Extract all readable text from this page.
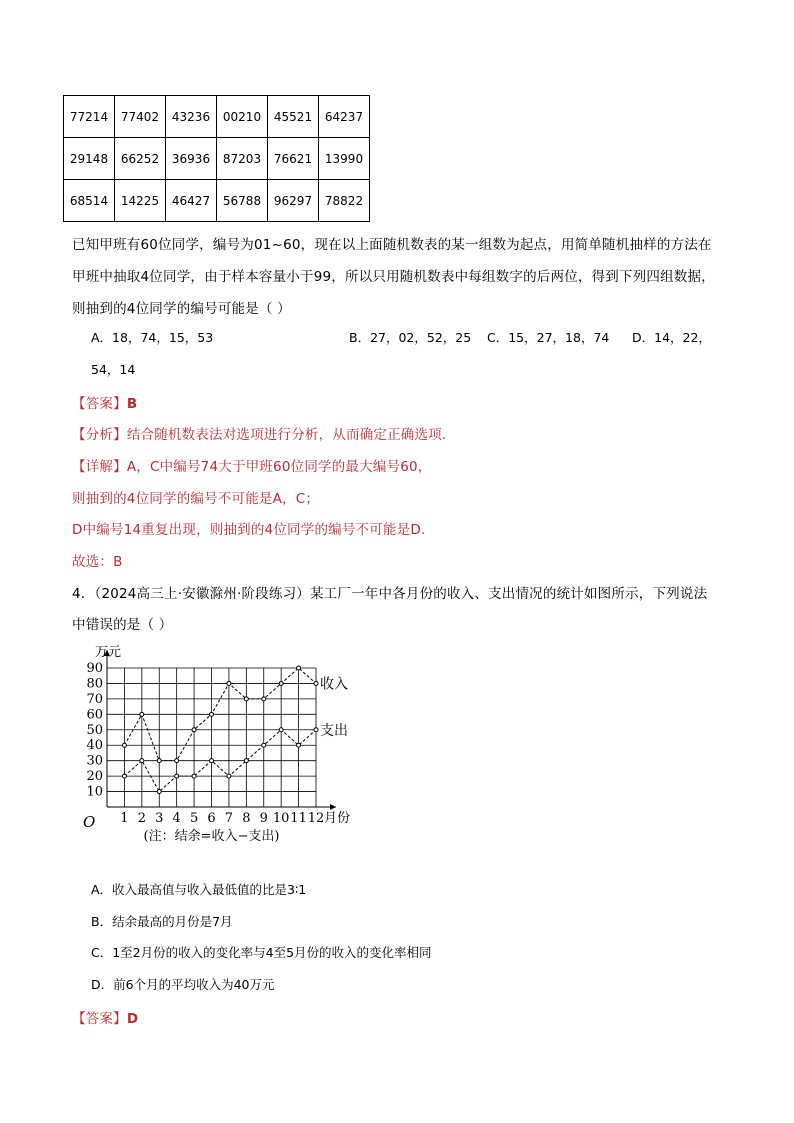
77214	77402	43236	00210	45521	64237
29148	66252	36936	87203	76621	13990
68514	14225	46427	56788	96297	78822
已知甲班有60位同学，编号为01~60，现在以上面随机数表的某一组数为起点，用简单随机抽样的方法在
甲班中抽取4位同学，由于样本容量小于99，所以只用随机数表中每组数字的后两位，得到下列四组数据，
则抽到的4位同学的编号可能是（ ）
A．18，74，15，53	B．27，02，52，25 C．15，27，18，74 D．14，22，
54，14
【答案】B
【分析】结合随机数表法对选项进行分析，从而确定正确选项.
【详解】A，C中编号74大于甲班60位同学的最大编号60，
则抽到的4位同学的编号不可能是A，C；
D中编号14重复出现，则抽到的4位同学的编号不可能是D.
故选：B
4．（2024高三上·安徽滁州·阶段练习）某工厂一年中各月份的收入、支出情况的统计如图所示，下列说法
中错误的是（ ）
10
20
30
40
50
60
70
80
90
1 2 3 4 5 6 7 8 9 10 11 12
O
万元
月份
(注：结余=收入−支出)
收入
支出
A．收入最高值与收入最低值的比是3∶1
B．结余最高的月份是7月
C．1至2月份的收入的变化率与4至5月份的收入的变化率相同
D．前6个月的平均收入为40万元
【答案】D
